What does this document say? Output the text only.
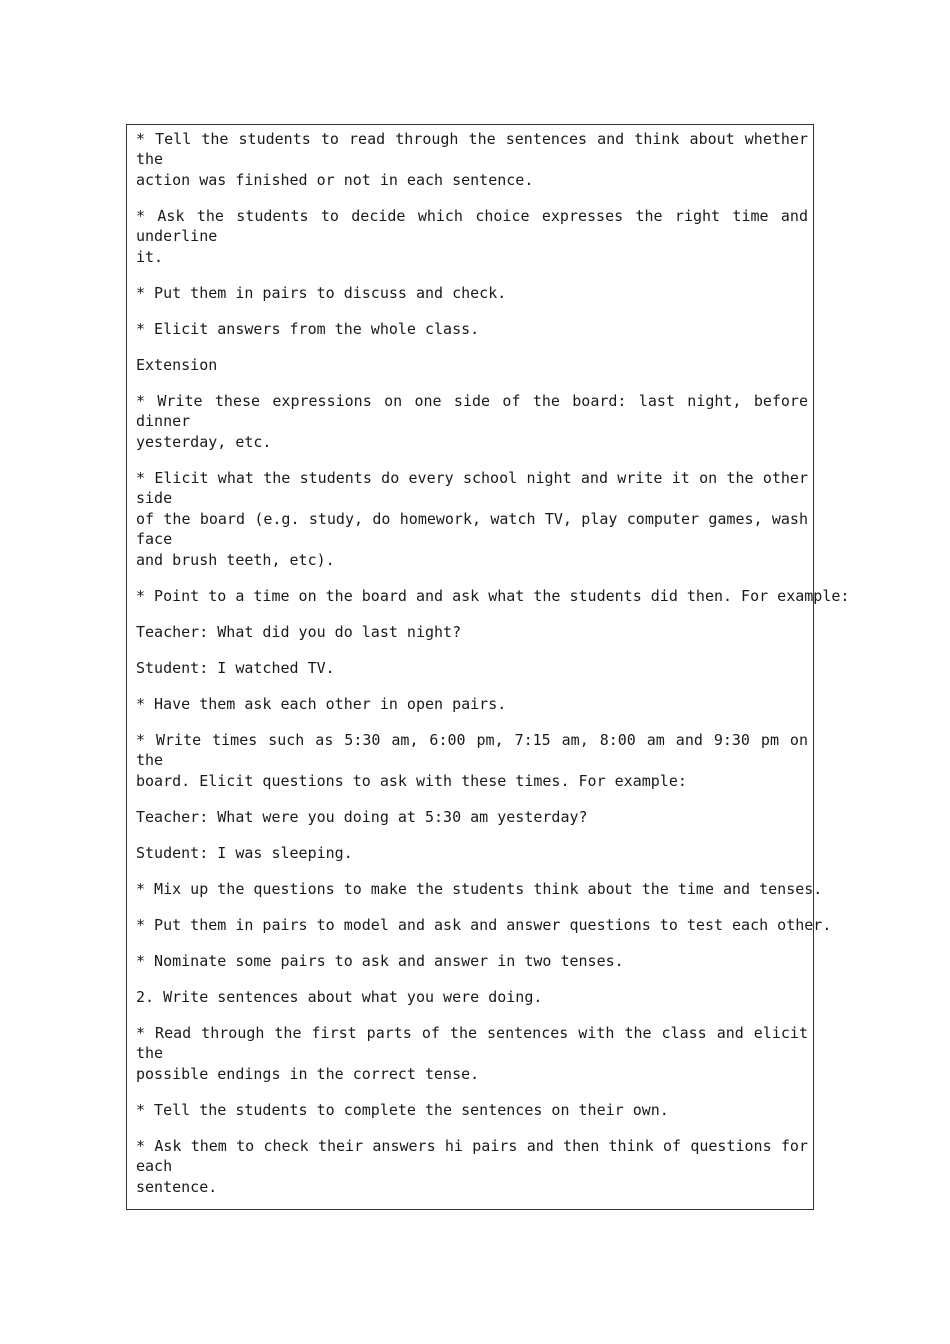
* Tell the students to read through the sentences and think about whether the
action was finished or not in each sentence.
* Ask the students to decide which choice expresses the right time and underline
it.
* Put them in pairs to discuss and check.
* Elicit answers from the whole class.
Extension
* Write these expressions on one side of the board: last night, before dinner
yesterday, etc.
* Elicit what the students do every school night and write it on the other side
of the board (e.g. study, do homework, watch TV, play computer games, wash face
and brush teeth, etc).
* Point to a time on the board and ask what the students did then. For example:
Teacher: What did you do last night?
Student: I watched TV.
* Have them ask each other in open pairs.
* Write times such as 5:30 am, 6:00 pm, 7:15 am, 8:00 am and 9:30 pm on the
board. Elicit questions to ask with these times. For example:
Teacher: What were you doing at 5:30 am yesterday?
Student: I was sleeping.
* Mix up the questions to make the students think about the time and tenses.
* Put them in pairs to model and ask and answer questions to test each other.
* Nominate some pairs to ask and answer in two tenses.
2. Write sentences about what you were doing.
* Read through the first parts of the sentences with the class and elicit the
possible endings in the correct tense.
* Tell the students to complete the sentences on their own.
* Ask them to check their answers hi pairs and then think of questions for each
sentence.
